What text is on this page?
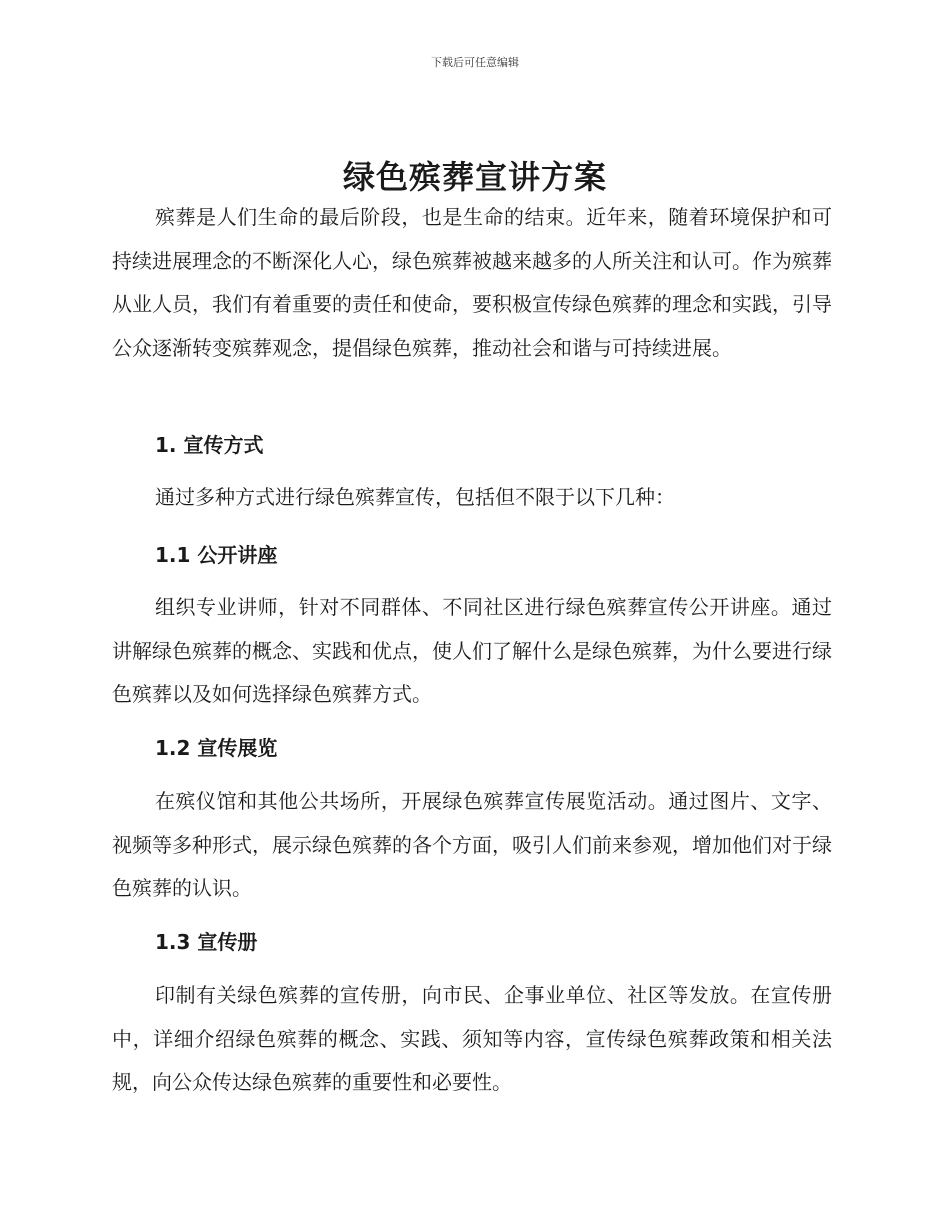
下载后可任意编辑
绿色殡葬宣讲方案

殡葬是人们生命的最后阶段，也是生命的结束。近年来，随着环境保护和可持续进展理念的不断深化人心，绿色殡葬被越来越多的人所关注和认可。作为殡葬从业人员，我们有着重要的责任和使命，要积极宣传绿色殡葬的理念和实践，引导公众逐渐转变殡葬观念，提倡绿色殡葬，推动社会和谐与可持续进展。

1. 宣传方式

通过多种方式进行绿色殡葬宣传，包括但不限于以下几种：

1.1 公开讲座

组织专业讲师，针对不同群体、不同社区进行绿色殡葬宣传公开讲座。通过讲解绿色殡葬的概念、实践和优点，使人们了解什么是绿色殡葬，为什么要进行绿色殡葬以及如何选择绿色殡葬方式。

1.2 宣传展览

在殡仪馆和其他公共场所，开展绿色殡葬宣传展览活动。通过图片、文字、视频等多种形式，展示绿色殡葬的各个方面，吸引人们前来参观，增加他们对于绿色殡葬的认识。

1.3 宣传册

印制有关绿色殡葬的宣传册，向市民、企事业单位、社区等发放。在宣传册中，详细介绍绿色殡葬的概念、实践、须知等内容，宣传绿色殡葬政策和相关法规，向公众传达绿色殡葬的重要性和必要性。
